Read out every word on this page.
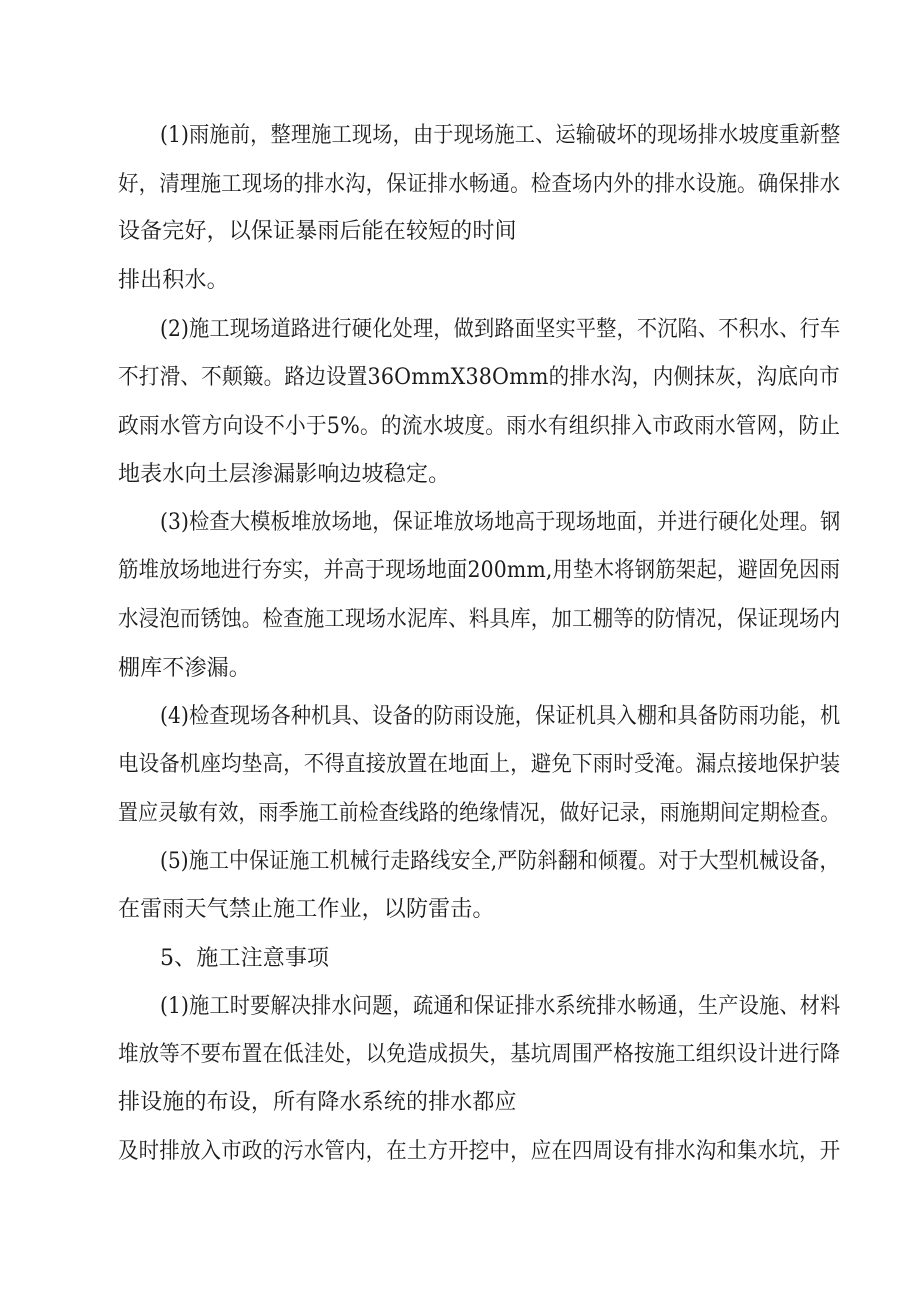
(1)雨施前，整理施工现场，由于现场施工、运输破坏的现场排水坡度重新整
好，清理施工现场的排水沟，保证排水畅通。检查场内外的排水设施。确保排水
设备完好，以保证暴雨后能在较短的时间
排出积水。
(2)施工现场道路进行硬化处理，做到路面坚实平整，不沉陷、不积水、行车
不打滑、不颠簸。路边设置36OmmX38Omm的排水沟，内侧抹灰，沟底向市
政雨水管方向设不小于5%。的流水坡度。雨水有组织排入市政雨水管网，防止
地表水向土层渗漏影响边坡稳定。
(3)检查大模板堆放场地，保证堆放场地高于现场地面，并进行硬化处理。钢
筋堆放场地进行夯实，并高于现场地面200mm,用垫木将钢筋架起，避固免因雨
水浸泡而锈蚀。检查施工现场水泥库、料具库，加工棚等的防情况，保证现场内
棚库不渗漏。
(4)检查现场各种机具、设备的防雨设施，保证机具入棚和具备防雨功能，机
电设备机座均垫高，不得直接放置在地面上，避免下雨时受淹。漏点接地保护装
置应灵敏有效，雨季施工前检查线路的绝缘情况，做好记录，雨施期间定期检查。
(5)施工中保证施工机械行走路线安全,严防斜翻和倾覆。对于大型机械设备，
在雷雨天气禁止施工作业，以防雷击。
5、施工注意事项
(1)施工时要解决排水问题，疏通和保证排水系统排水畅通，生产设施、材料
堆放等不要布置在低洼处，以免造成损失，基坑周围严格按施工组织设计进行降
排设施的布设，所有降水系统的排水都应
及时排放入市政的污水管内，在土方开挖中，应在四周设有排水沟和集水坑，开
